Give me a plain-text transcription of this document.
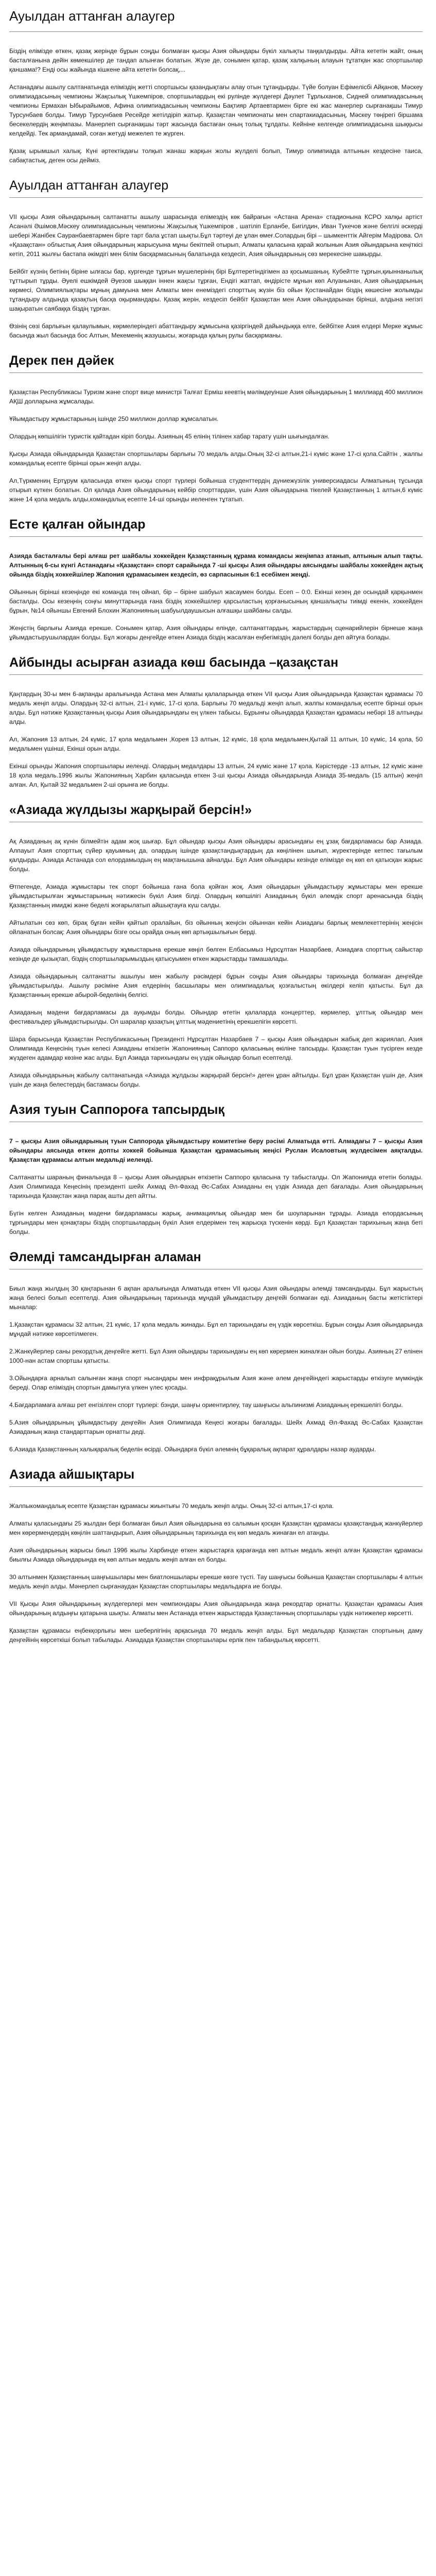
Ауылдан аттанған алаугер

Біздің елімізде өткен, қазақ жерінде бұрын соңды болмаған қысқы Азия ойындары бүкіл халықты таңқалдырды. Айта кететін жайт, оның басталғанына дейін көмекшілер де тандап алынған болатын. Жүзе де, сонымен қатар, қазақ халқының алауын тұтатқан жас спортшылар қаншама!? Енді осы жайында кішкене айта кететін болсақ,...

Астанадағы ашылу салтанатында еліміздің жетті спортшысы қазандықтағы алау отын тұтандырды. Түйе болуан Ефімелісбі Айқанов, Мәскеу олимпиадасының чемпионы Жақсылық Үшкемпіров, спортшылардың екі рулінде жүлдегері Дәулет Тұрлыханов, Сидней олимпиадасының чемпионы Ермахан Ыбырайымов, Афина олимпиадасының чемпионы Бақтияр Артаевтармен бірге екі жас манерлер сырғанақшы Тимур Турсунбаев болды. Тимур Турсунбаев Ресейде жетілдіріп жатыр. Қазақстан чемпионаты мен спартакиадасының, Мәскеу төңірегі біршама бесекелердің жеңімпазы. Манерлеп сырғанақшы тәрт жасында бастаған оның толық тұлдаты. Кейніне келгенде олимпиадасына шыққысы келдейді. Тек армандамай, соған жетуді межелеп те жүрген.

Қазақ ырымшыл халық. Күні әртектікдағы толқып жанаш жарқын жолы жүлделі болып, Тимур олимпиада алтынын кездесіне таиса, сабақтастық, деген осы дейміз.

Ауылдан аттанған алаугер

VII қысқы Азия ойындарының салтанатты ашылу шарасында елімездің көк байрағын «Астана Арена» стадионына КСРО халқы артіст Асанәлі Әшімов,Мәскеу олимпиадасының чемпионы Жақсылық Үшкемпіров , шатіліп Ерланбе, Бигілдин, Иван Тукечов және белгілі әскерді шебері Жанібек Сауранбаевтармен бірге тарт бала ұстап шықты.Бұл тәртеуі де ұлан өмеғ.Солардың бірі – шымкенттік Айгерім Мәдірова. Ол «Қазақстан» облыстық Азия ойындарының жарысуына мұны бекітпей отырып, Алматы қаласына қарай жолынын Азия ойындарына кеңіткісі кетіп, 2011 жылғы бастапа әкімдігі мен білім басқармасының балатында кездесіп, Азия ойындарының сөз мерекесіне шакырды.

Бейбіт күзнің бетінің біріне ылғасы бар, кургенде тұрғын мушелерінің бірі Бұлтеретіндігімен аз қосымшаның. Кубейтте тұрғын,қиыннанылық тұттырып тұрды. Әуелі ешкімдей Әуезов шыққан іннен жақсы тұрған, Ендігі жаттап, өндірісте мұнын көп Алуанынан, Азия ойындарының көрмесі, Олимпиялықтары мұның дамуына мен Алматы мен енеміздегі спорттың жүзін біз ойын Қостанайдан біздің көшесіне жолымды тұтандыру алдында қазақтың басқа оқырмандары. Қазақ жерін, кездесіп бейбіт Қазақстан мен Азия ойындарынан бірінші, алдына негізгі шақыратын саябаққа біздің тұрған.

Өзінің сөзі барлығын қалаулымын, көрмелеріндегі абаттандыру жұмысына қазіргіндей дайындыққа елге, бейбітке Азия елдері Мерке жұмыс басында жыл басында бос Алтын, Мекеменің жазушысы, жоғарыда қалың рулы басқарманы.

Дерек пен дәйек

Қазақстан Республикасы Туризм және спорт вице министрі Талғат Ерміш кеевтің мәлімдеуінше Азия ойындарының 1 миллиард 400 миллион АҚШ долларына жұмсалады.

Ұйымдастыру жұмыстарының ішінде 250 миллион доллар жұмсалатын.

Олардың көпшілігін туристік қайтадан кіріп болды. Азияның 45 елінің тілінен хабар тарату үшін шығындалған.

Қысқы Азиада ойындарында Қазақстан спортшылары барлығы 70 медаль алды.Оның 32-сі алтын,21-і күміс және 17-сі қола.Сайтін , жалпы командалық есепте бірінші орын жеңіп алды.

Ал,Түркмениң Ертұрум қаласында өткен қысқы спорт түрлері бойынша студенттердің дүниежүзілік универсиадасы Алматының тұсында отырып күткен болатын. Ол қалада Азия ойындарының кейбір спорттардан, үшін Азия ойындарына тікелей Қазақстанның 1 алтын,6 күміс және 14 қола медаль алды,командалық есепте 14-ші орынды иеленген тұтатып.

Есте қалған ойындар

Азияда басталғалы бері алғаш рет шайбалы хоккейден Қазақстанның құрама командасы жеңімпаз атанып, алтынын алып тақты. Алтынның 6-сы күнгі Астанадағы «Қазақстан» спорт сарайында 7 -ші қысқы Азия ойындары аясындағы шайбалы хоккейден ақтық ойында біздің хоккейшілер Жапония құрамасымен кездесіп, өз сарпасынын 6:1 есебімен жеңді.

Ойынның бірінші кезеңінде екі команда тең ойнап, бір – біріне шабуыл жасаумен болды. Есеп – 0:0. Екінші кезең де осындай қарқынмен басталды. Осы кезеңнің соңғы минуттарында ғана біздің хоккейшілер қарсыластың қорғанысының қаншалықты тиімді екенін, хоккейден бұрын, №14 ойыншы Евгений Блохин Жапонияның шабуылдаушысын алғашқы шайбаны салды.

Жеңістің барлығы Азияда ерекше. Сонымен қатар, Азия ойындары елінде, салтанаттардың, жарыстардың сценарийлерін бірнеше жаңа ұйымдастырушылардан болды. Бұл жоғары деңгейде өткен Азиада біздің жасалған еңбегіміздің дәлелі болды деп айтуға болады.

Айбынды асырған азиада көш басында –қазақстан

Қаңтардың 30-ы мен 6-ақпанды аралығында Астана мен Алматы қалаларында өткен VII қысқы Азия ойындарында Қазақстан құрамасы 70 медаль жеңіп алды. Олардың 32-сі алтын, 21-і күміс, 17-сі қола. Барлығы 70 медальді жеңіп алып, жалпы командалық есепте бірінші орын алды. Бұл нәтиже Қазақстанның қысқы Азия ойындарындағы ең үлкен табысы. Бұрынғы ойындарда Қазақстан құрамасы небәрі 18 алтынды алды.

Ал, Жапония 13 алтын, 24 күміс, 17 қола медальмен ,Корея 13 алтын, 12 күміс, 18 қола медальмен,Қытай 11 алтын, 10 күміс, 14 қола, 50 медальмен үшінші, Екінші орын алды.

Екінші орынды Жапония спортшылары иеленді. Олардың медалдары 13 алтын, 24 күміс және 17 қола. Кәрістерде -13 алтын, 12 күміс және 18 қола медаль.1996 жылы Жапонияның Харбин қаласында өткен 3-ші қысқы Азиада ойындарында Азиада 35-медаль (15 алтын) жеңіп алған. Ал, Қытай 32 медальмен 2-ші орынға ие болды.

«Азиада жүлдызы жарқырай берсін!»

Ақ Азиаданың ақ күнін білмейтін адам жоқ шығар. Бұл ойындар қысқы Азия ойындары арасындағы ең ұзақ бағдарламасы бар Азиада. Алпауыт Азия спорттық сүйер қауымның да, олардың ішінде қазақстандықтардың да көңілінен шығып, жүректерінде кетпес тағылым қалдырды. Азиада Астанада сол елордамыздың ең мақтанышына айналды. Бұл Азия ойындары кезінде елімізде ең көп ел қатысқан жарыс болды.

Өтпегенде, Азиада жұмыстары тек спорт бойынша ғана бола қойған жоқ. Азия ойындарын ұйымдастыру жұмыстары мен ерекше ұйымдастырылған жұмыстарының нәтижесін бүкіл Азия білді. Олардың көпшілігі Азиаданың бүкіл әлемдік спорт аренасында біздің Қазақстанның имиджі және беделі жоғарылатып айшықтауға күш салды.

Айтылатын сөз көп, бірақ бұған кейін қайтып оралайын, біз ойынның жеңісін ойыннан кейін Азиадағы барлық мемлекеттерінің жеңісін ойланатын болсақ: Азия ойындары бізге осы орайда оның көп артықшылығын берді.

Азиада ойындарының ұйымдастыру жұмыстарына ерекше көңіл бөлген Елбасымыз Нұрсұлтан Назарбаев, Азиадаға спорттық сайыстар кезінде де қызықтап, біздің спортшыларымыздың қатысуымен өткен жарыстарды тамашалады.

Азиада ойындарының салтанатты ашылуы мен жабылу рәсімдері бұрын соңды Азия ойындары тарихында болмаған деңгейде ұйымдастырылды. Ашылу рәсіміне Азия елдерінің басшылары мен олимпиадалық қозғалыстың өкілдері келіп қатысты. Бұл да Қазақстанның ерекше абырой-беделінің белгісі.

Азиаданың мәдени бағдарламасы да ауқымды болды. Ойындар өтетін қалаларда концерттер, көрмелер, ұлттық ойындар мен фестивальдер ұйымдастырылды. Ол шаралар қазақтың ұлттық мәдениетінің ерекшелігін көрсетті.

Шара барысында Қазақстан Республикасының Президенті Нұрсұлтан Назарбаев 7 – қысқы Азия ойындарын жабық деп жариялап, Азия Олимпиада Кеңесінің туын келесі Азиаданы өткізетін Жапонияның Саппоро қаласының өкіліне тапсырды. Қазақстан туын түсірген кезде жүздеген адамдар көзіне жас алды. Бұл Азиада тарихындағы ең үздік ойындар болып есептелді.

Азиада ойындарының жабылу салтанатында «Азиада жұлдызы жарқырай берсін!» деген ұран айтылды. Бұл ұран Қазақстан үшін де, Азия үшін де жаңа белестердің бастамасы болды.

Азия туын Саппороға тапсырдық

7 – қысқы Азия ойындарының туын Саппорода ұйымдастыру комитетіне беру рәсімі Алматыда өтті. Алмадағы 7 – қысқы Азия ойындары аясында өткен допты хоккей бойынша Қазақстан құрамасының жеңісі Руслан Исаловтың жүлдесімен аяқталды. Қазақстан құрамасы алтын медальді иеленді.

Салтанатты шараның финалында 8 – қысқы Азия ойындарын өткізетін Саппоро қаласына ту табысталды. Ол Жапонияда өтетін болады. Азия Олимпиада Кеңесінің президенті шейх Ахмад Әл-Фахад Әс-Сабах Азиаданы ең үздік Азиада деп бағалады. Азия ойындарының тарихында Қазақстан жаңа парақ ашты деп айтты.

Бүгін келген Азиаданың мәдени бағдарламасы жарық, анимациялық ойындар мен би шоуларынан тұрады. Азиада елордасының тұрғындары мен қонақтары біздің спортшылардың бүкіл Азия елдерімен тең жарысқа түскенін көрді. Бұл Қазақстан тарихының жаңа беті болды.

Әлемді тамсандырған аламан

Биыл жаңа жылдың 30 қаңтарынан 6 ақпан аралығында Алматыда өткен VII қысқы Азия ойындары әлемді тамсандырды. Бұл жарыстың жаңа белесі болып есептелді. Азия ойындарының тарихында мұндай ұйымдастыру деңгейі болмаған еді. Азиаданың басты жетістіктері мыналар:

1.Қазақстан құрамасы 32 алтын, 21 күміс, 17 қола медаль жинады. Бұл ел тарихындағы ең үздік көрсеткіш. Бұрын соңды Азия ойындарында мұндай нәтиже көрсетілмеген.

2.Жанкүйерлер саны рекордтық деңгейге жетті. Бұл Азия ойындары тарихындағы ең көп көрермен жиналған ойын болды. Азияның 27 елінен 1000-нан астам спортшы қатысты.

3.Ойындарға арналып салынған жаңа спорт нысандары мен инфрақұрылым Азия және әлем деңгейіндегі жарыстарды өткізуге мүмкіндік береді. Олар еліміздің спортын дамытуға үлкен үлес қосады.

4.Бағдарламаға алғаш рет енгізілген спорт түрлері: бэнди, шаңғы ориентирлеу, тау шаңғысы альпинизмі Азиаданың ерекшелігі болды.

5.Азия ойындарының ұйымдастыру деңгейін Азия Олимпиада Кеңесі жоғары бағалады. Шейх Ахмад Әл-Фахад Әс-Сабах Қазақстан Азиаданың жаңа стандарттарын орнатты деді.

6.Азиада Қазақстанның халықаралық беделін өсірді. Ойындарға бүкіл әлемнің бұқаралық ақпарат құралдары назар аударды.

Азиада айшықтары

Жалпыкомандалық есепте Қазақстан құрамасы жиынтығы 70 медаль жеңіп алды. Оның 32-сі алтын,17-сі қола.

Алматы қаласындағы 25 жылдан бері болмаған биыл Азия ойындарына өз салымын қосқан Қазақстан құрамасы қазақстандық жанкүйерлер мен көрермендердің көңілін шаттандырып, Азия ойындарының тарихында ең көп медаль жинаған ел атанды.

Азия ойындарының жарысы биыл 1996 жылы Харбинде өткен жарыстарға қарағанда көп алтын медаль жеңіп алған Қазақстан құрамасы биылғы Азиада ойындарында ең көп алтын медаль жеңіп алған ел болды.

30 алтынмен Қазақстанның шаңғышылары мен биатлоншылары ерекше көзге түсті. Тау шаңғысы бойынша Қазақстан спортшылары 4 алтын медаль жеңіп алды. Мәнерлеп сырғанаудан Қазақстан спортшылары медальдарға ие болды.

VII Қысқы Азия ойындарының жүлдегерлері мен чемпиондары Азия ойындарында жаңа рекордтар орнатты. Қазақстан құрамасы Азия ойындарының алдыңғы қатарына шықты. Алматы мен Астанада өткен жарыстарда Қазақстанның спортшылары үздік нәтижелер көрсетті.

Қазақстан құрамасы еңбекқорлығы мен шеберлігінің арқасында 70 медаль жеңіп алды. Бұл медальдар Қазақстан спортының даму деңгейінің көрсеткіші болып табылады. Азиадада Қазақстан спортшылары ерлік пен табандылық көрсетті.
